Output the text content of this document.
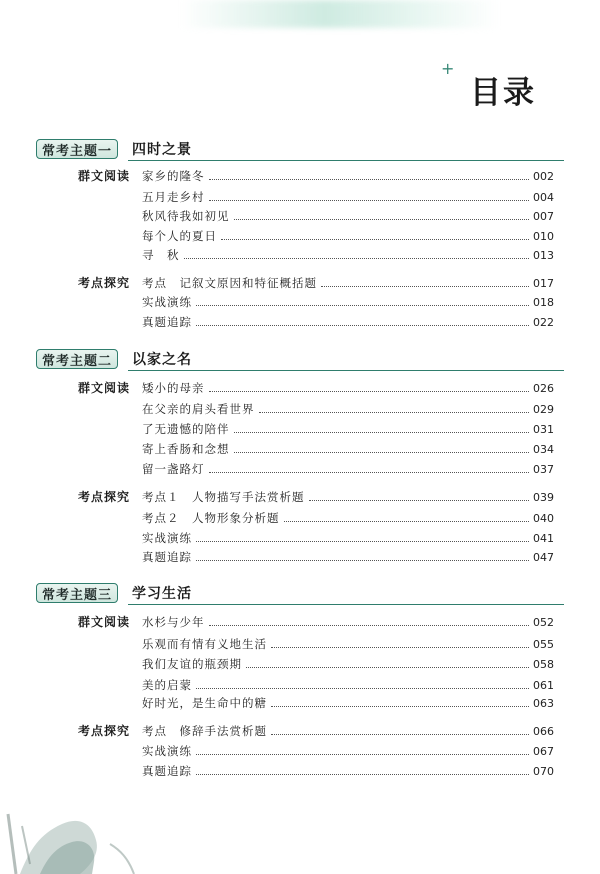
+
目录
常考主题一	四时之景
群文阅读 家乡的隆冬	002
五月走乡村	004
秋风待我如初见	007
每个人的夏日	010
寻　秋	013
考点探究 考点　记叙文原因和特征概括题	017
实战演练	018
真题追踪	022
常考主题二	以家之名
群文阅读 矮小的母亲	026
在父亲的肩头看世界	029
了无遗憾的陪伴	031
寄上香肠和念想	034
留一盏路灯	037
考点探究 考点１　人物描写手法赏析题	039
考点２　人物形象分析题	040
实战演练	041
真题追踪	047
常考主题三	学习生活
群文阅读 水杉与少年	052
乐观而有情有义地生活	055
我们友谊的瓶颈期	058
美的启蒙	061
好时光，是生命中的糖	063
考点探究 考点　修辞手法赏析题	066
实战演练	067
真题追踪	070
